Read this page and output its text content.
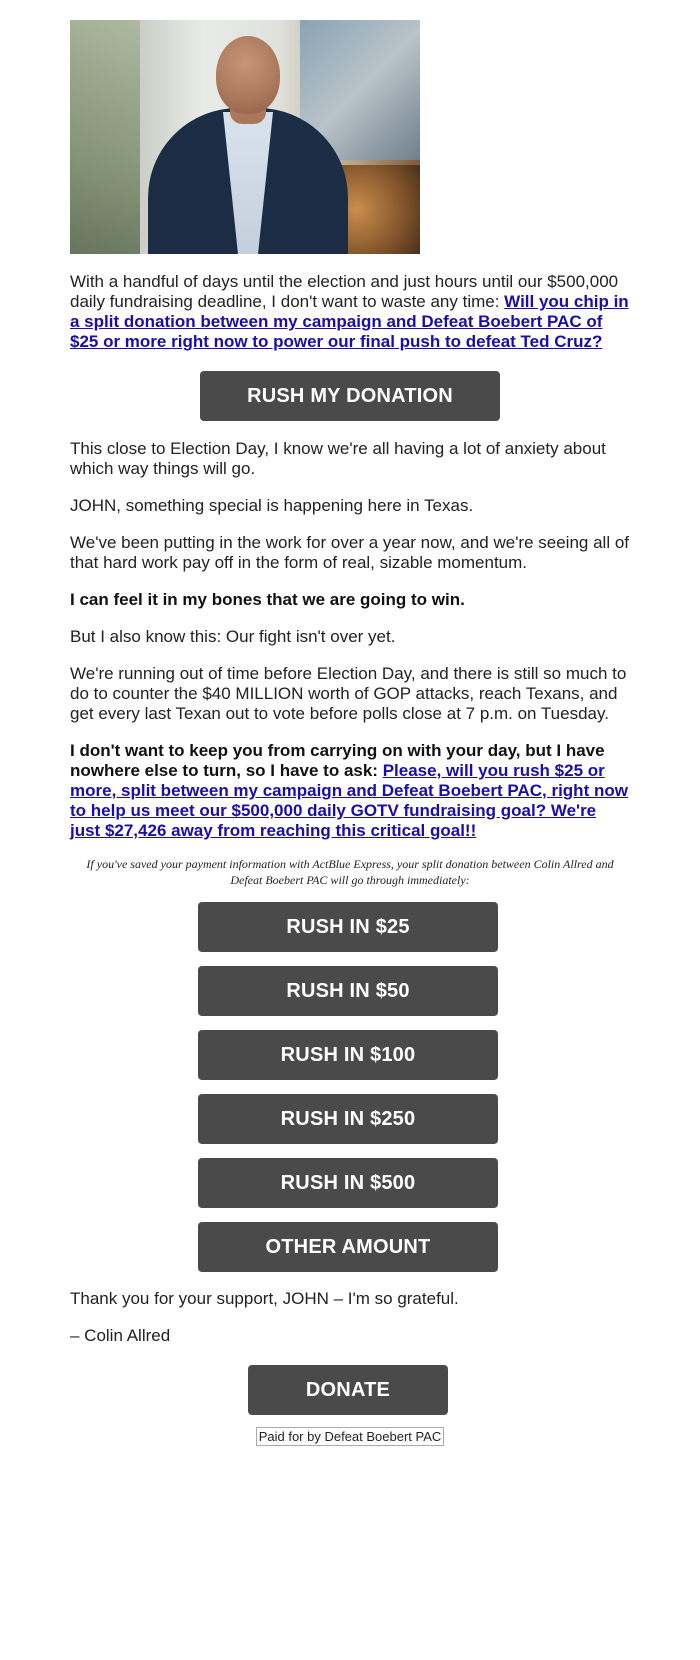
With a handful of days until the election and just hours until our $500,000 daily fundraising deadline, I don't want to waste any time: Will you chip in a split donation between my campaign and Defeat Boebert PAC of $25 or more right now to power our final push to defeat Ted Cruz?

RUSH MY DONATION

This close to Election Day, I know we're all having a lot of anxiety about which way things will go.

JOHN, something special is happening here in Texas.

We've been putting in the work for over a year now, and we're seeing all of that hard work pay off in the form of real, sizable momentum.

I can feel it in my bones that we are going to win.

But I also know this: Our fight isn't over yet.

We're running out of time before Election Day, and there is still so much to do to counter the $40 MILLION worth of GOP attacks, reach Texans, and get every last Texan out to vote before polls close at 7 p.m. on Tuesday.

I don't want to keep you from carrying on with your day, but I have nowhere else to turn, so I have to ask: Please, will you rush $25 or more, split between my campaign and Defeat Boebert PAC, right now to help us meet our $500,000 daily GOTV fundraising goal? We're just $27,426 away from reaching this critical goal!!

If you've saved your payment information with ActBlue Express, your split donation between Colin Allred and Defeat Boebert PAC will go through immediately:

RUSH IN $25
RUSH IN $50
RUSH IN $100
RUSH IN $250
RUSH IN $500
OTHER AMOUNT

Thank you for your support, JOHN – I'm so grateful.

– Colin Allred

DONATE

Paid for by Defeat Boebert PAC
